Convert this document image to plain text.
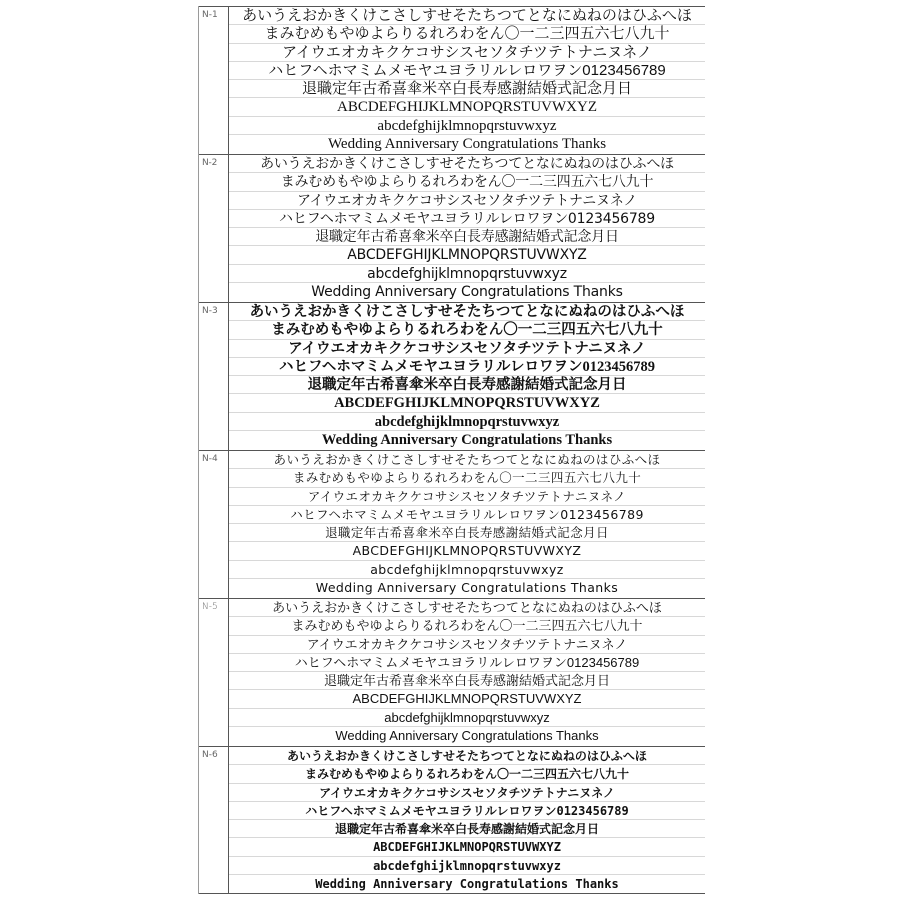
N-1	あいうえおかきくけこさしすせそたちつてとなにぬねのはひふへほ
まみむめもやゆよらりるれろわをん〇一二三四五六七八九十
アイウエオカキクケコサシスセソタチツテトナニヌネノ
ハヒフヘホマミムメモヤユヨラリルレロワヲン0123456789
退職定年古希喜傘米卒白長寿感謝結婚式記念月日
ABCDEFGHIJKLMNOPQRSTUVWXYZ
abcdefghijklmnopqrstuvwxyz
Wedding Anniversary Congratulations Thanks
N-2	あいうえおかきくけこさしすせそたちつてとなにぬねのはひふへほ
まみむめもやゆよらりるれろわをん〇一二三四五六七八九十
アイウエオカキクケコサシスセソタチツテトナニヌネノ
ハヒフヘホマミムメモヤユヨラリルレロワヲン0123456789
退職定年古希喜傘米卒白長寿感謝結婚式記念月日
ABCDEFGHIJKLMNOPQRSTUVWXYZ
abcdefghijklmnopqrstuvwxyz
Wedding Anniversary Congratulations Thanks
N-3	あいうえおかきくけこさしすせそたちつてとなにぬねのはひふへほ
まみむめもやゆよらりるれろわをん〇一二三四五六七八九十
アイウエオカキクケコサシスセソタチツテトナニヌネノ
ハヒフヘホマミムメモヤユヨラリルレロワヲン0123456789
退職定年古希喜傘米卒白長寿感謝結婚式記念月日
ABCDEFGHIJKLMNOPQRSTUVWXYZ
abcdefghijklmnopqrstuvwxyz
Wedding Anniversary Congratulations Thanks
N-4	あいうえおかきくけこさしすせそたちつてとなにぬねのはひふへほ
まみむめもやゆよらりるれろわをん〇一二三四五六七八九十
アイウエオカキクケコサシスセソタチツテトナニヌネノ
ハヒフヘホマミムメモヤユヨラリルレロワヲン0123456789
退職定年古希喜傘米卒白長寿感謝結婚式記念月日
ABCDEFGHIJKLMNOPQRSTUVWXYZ
abcdefghijklmnopqrstuvwxyz
Wedding Anniversary Congratulations Thanks
N-5	あいうえおかきくけこさしすせそたちつてとなにぬねのはひふへほ
まみむめもやゆよらりるれろわをん〇一二三四五六七八九十
アイウエオカキクケコサシスセソタチツテトナニヌネノ
ハヒフヘホマミムメモヤユヨラリルレロワヲン0123456789
退職定年古希喜傘米卒白長寿感謝結婚式記念月日
ABCDEFGHIJKLMNOPQRSTUVWXYZ
abcdefghijklmnopqrstuvwxyz
Wedding Anniversary Congratulations Thanks
N-6	あいうえおかきくけこさしすせそたちつてとなにぬねのはひふへほ
まみむめもやゆよらりるれろわをん〇一二三四五六七八九十
アイウエオカキクケコサシスセソタチツテトナニヌネノ
ハヒフヘホマミムメモヤユヨラリルレロワヲン0123456789
退職定年古希喜傘米卒白長寿感謝結婚式記念月日
ABCDEFGHIJKLMNOPQRSTUVWXYZ
abcdefghijklmnopqrstuvwxyz
Wedding Anniversary Congratulations Thanks
